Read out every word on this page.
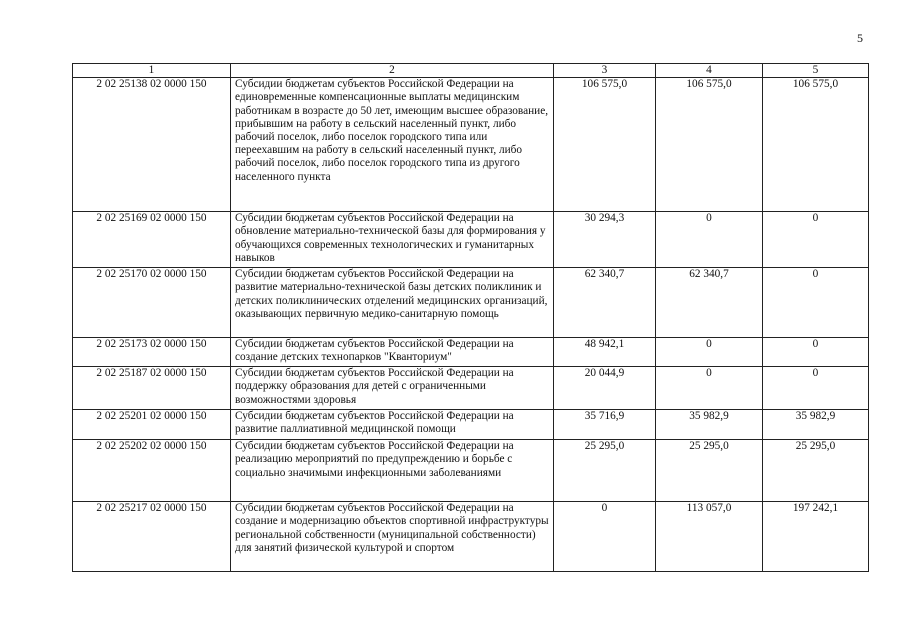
5
1	2	3	4	5
2 02 25138 02 0000 150	Субсидии бюджетам субъектов Российской Федерации на единовременные компенсационные выплаты медицинским работникам в возрасте до 50 лет, имеющим высшее образование, прибывшим на работу в сельский населенный пункт, либо рабочий поселок, либо поселок городского типа или переехавшим на работу в сельский населенный пункт, либо рабочий поселок, либо поселок городского типа из другого населенного пункта	106 575,0	106 575,0	106 575,0
2 02 25169 02 0000 150	Субсидии бюджетам субъектов Российской Федерации на обновление материально-технической базы для формирования у обучающихся современных технологических и гуманитарных навыков	30 294,3	0	0
2 02 25170 02 0000 150	Субсидии бюджетам субъектов Российской Федерации на развитие материально-технической базы детских поликлиник и детских поликлинических отделений медицинских организаций, оказывающих первичную медико-санитарную помощь	62 340,7	62 340,7	0
2 02 25173 02 0000 150	Субсидии бюджетам субъектов Российской Федерации на создание детских технопарков "Кванториум"	48 942,1	0	0
2 02 25187 02 0000 150	Субсидии бюджетам субъектов Российской Федерации на поддержку образования для детей с ограниченными возможностями здоровья	20 044,9	0	0
2 02 25201 02 0000 150	Субсидии бюджетам субъектов Российской Федерации на развитие паллиативной медицинской помощи	35 716,9	35 982,9	35 982,9
2 02 25202 02 0000 150	Субсидии бюджетам субъектов Российской Федерации на реализацию мероприятий по предупреждению и борьбе с социально значимыми инфекционными заболеваниями	25 295,0	25 295,0	25 295,0
2 02 25217 02 0000 150	Субсидии бюджетам субъектов Российской Федерации на создание и модернизацию объектов спортивной инфраструктуры региональной собственности (муниципальной собственности) для занятий физической культурой и спортом	0	113 057,0	197 242,1
